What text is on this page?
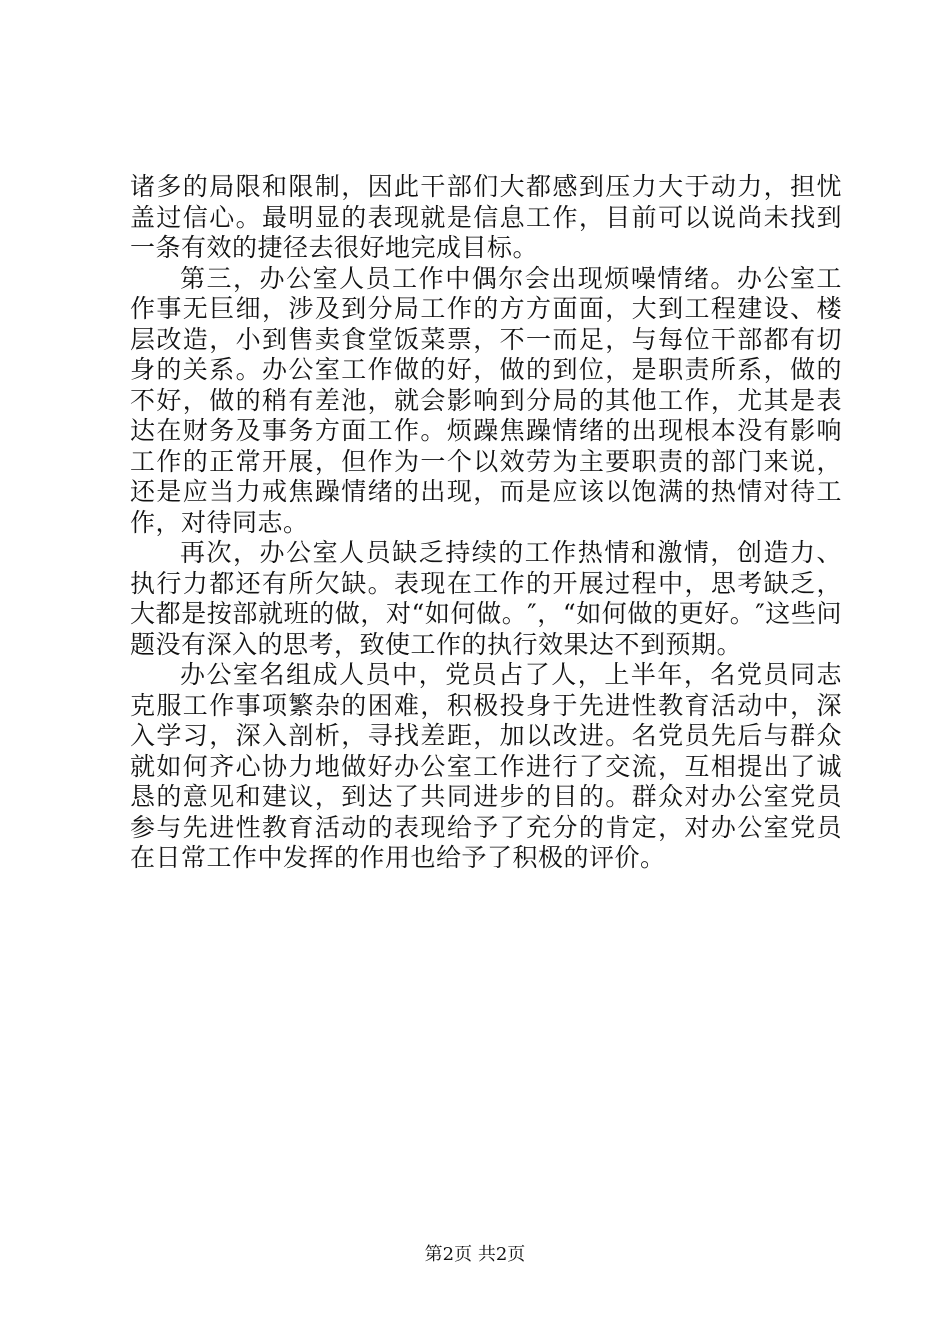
诸多的局限和限制，因此干部们大都感到压力大于动力，担忧盖过信心。最明显的表现就是信息工作，目前可以说尚未找到一条有效的捷径去很好地完成目标。

第三，办公室人员工作中偶尔会出现烦噪情绪。办公室工作事无巨细，涉及到分局工作的方方面面，大到工程建设、楼层改造，小到售卖食堂饭菜票，不一而足，与每位干部都有切身的关系。办公室工作做的好，做的到位，是职责所系，做的不好，做的稍有差池，就会影响到分局的其他工作，尤其是表达在财务及事务方面工作。烦躁焦躁情绪的出现根本没有影响工作的正常开展，但作为一个以效劳为主要职责的部门来说，还是应当力戒焦躁情绪的出现，而是应该以饱满的热情对待工作，对待同志。

再次，办公室人员缺乏持续的工作热情和激情，创造力、执行力都还有所欠缺。表现在工作的开展过程中，思考缺乏，大都是按部就班的做，对“如何做。″，“如何做的更好。″这些问题没有深入的思考，致使工作的执行效果达不到预期。

办公室名组成人员中，党员占了人，上半年，名党员同志克服工作事项繁杂的困难，积极投身于先进性教育活动中，深入学习，深入剖析，寻找差距，加以改进。名党员先后与群众就如何齐心协力地做好办公室工作进行了交流，互相提出了诚恳的意见和建议，到达了共同进步的目的。群众对办公室党员参与先进性教育活动的表现给予了充分的肯定，对办公室党员在日常工作中发挥的作用也给予了积极的评价。

第2页 共2页
